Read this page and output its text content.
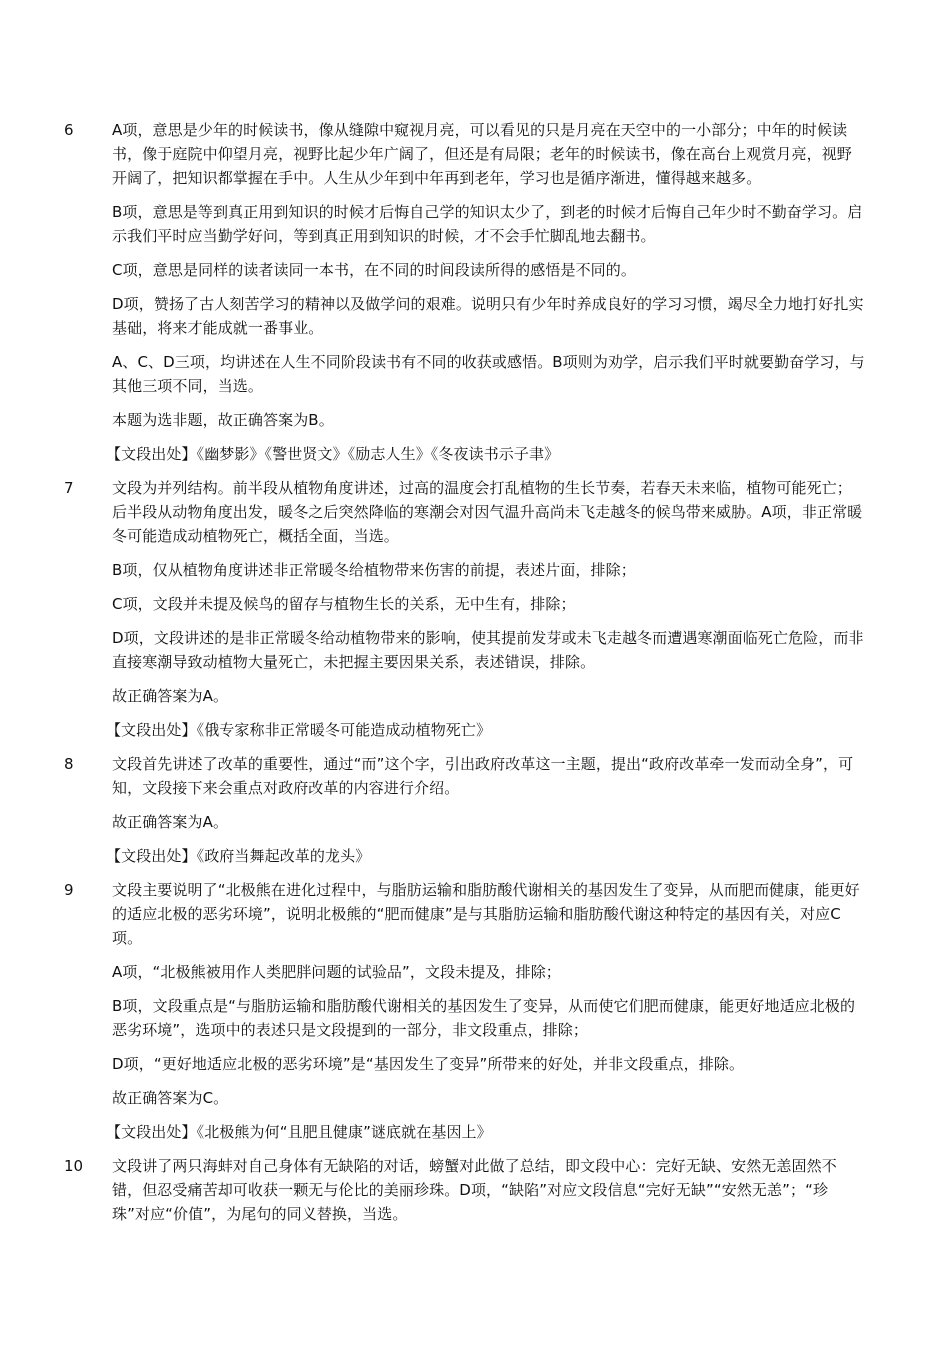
6	A项，意思是少年的时候读书，像从缝隙中窥视月亮，可以看见的只是月亮在天空中的一小部分；中年的时候读书，像于庭院中仰望月亮，视野比起少年广阔了，但还是有局限；老年的时候读书，像在高台上观赏月亮，视野开阔了，把知识都掌握在手中。人生从少年到中年再到老年，学习也是循序渐进，懂得越来越多。

B项，意思是等到真正用到知识的时候才后悔自己学的知识太少了，到老的时候才后悔自己年少时不勤奋学习。启示我们平时应当勤学好问，等到真正用到知识的时候，才不会手忙脚乱地去翻书。

C项，意思是同样的读者读同一本书，在不同的时间段读所得的感悟是不同的。

D项，赞扬了古人刻苦学习的精神以及做学问的艰难。说明只有少年时养成良好的学习习惯，竭尽全力地打好扎实基础，将来才能成就一番事业。

A、C、D三项，均讲述在人生不同阶段读书有不同的收获或感悟。B项则为劝学，启示我们平时就要勤奋学习，与其他三项不同，当选。

本题为选非题，故正确答案为B。

【文段出处】《幽梦影》《警世贤文》《励志人生》《冬夜读书示子聿》

7	文段为并列结构。前半段从植物角度讲述，过高的温度会打乱植物的生长节奏，若春天未来临，植物可能死亡；后半段从动物角度出发，暖冬之后突然降临的寒潮会对因气温升高尚未飞走越冬的候鸟带来威胁。A项，非正常暖冬可能造成动植物死亡，概括全面，当选。

B项，仅从植物角度讲述非正常暖冬给植物带来伤害的前提，表述片面，排除；

C项，文段并未提及候鸟的留存与植物生长的关系，无中生有，排除；

D项，文段讲述的是非正常暖冬给动植物带来的影响，使其提前发芽或未飞走越冬而遭遇寒潮面临死亡危险，而非直接寒潮导致动植物大量死亡，未把握主要因果关系，表述错误，排除。

故正确答案为A。

【文段出处】《俄专家称非正常暖冬可能造成动植物死亡》

8	文段首先讲述了改革的重要性，通过“而”这个字，引出政府改革这一主题，提出“政府改革牵一发而动全身”，可知，文段接下来会重点对政府改革的内容进行介绍。

故正确答案为A。

【文段出处】《政府当舞起改革的龙头》

9	文段主要说明了“北极熊在进化过程中，与脂肪运输和脂肪酸代谢相关的基因发生了变异，从而肥而健康，能更好的适应北极的恶劣环境”，说明北极熊的“肥而健康”是与其脂肪运输和脂肪酸代谢这种特定的基因有关，对应C项。

A项，“北极熊被用作人类肥胖问题的试验品”，文段未提及，排除；

B项，文段重点是“与脂肪运输和脂肪酸代谢相关的基因发生了变异，从而使它们肥而健康，能更好地适应北极的恶劣环境”，选项中的表述只是文段提到的一部分，非文段重点，排除；

D项，“更好地适应北极的恶劣环境”是“基因发生了变异”所带来的好处，并非文段重点，排除。

故正确答案为C。

【文段出处】《北极熊为何“且肥且健康”谜底就在基因上》

10 文段讲了两只海蚌对自己身体有无缺陷的对话，螃蟹对此做了总结，即文段中心：完好无缺、安然无恙固然不错，但忍受痛苦却可收获一颗无与伦比的美丽珍珠。D项，“缺陷”对应文段信息“完好无缺”“安然无恙”；“珍珠”对应“价值”，为尾句的同义替换，当选。
